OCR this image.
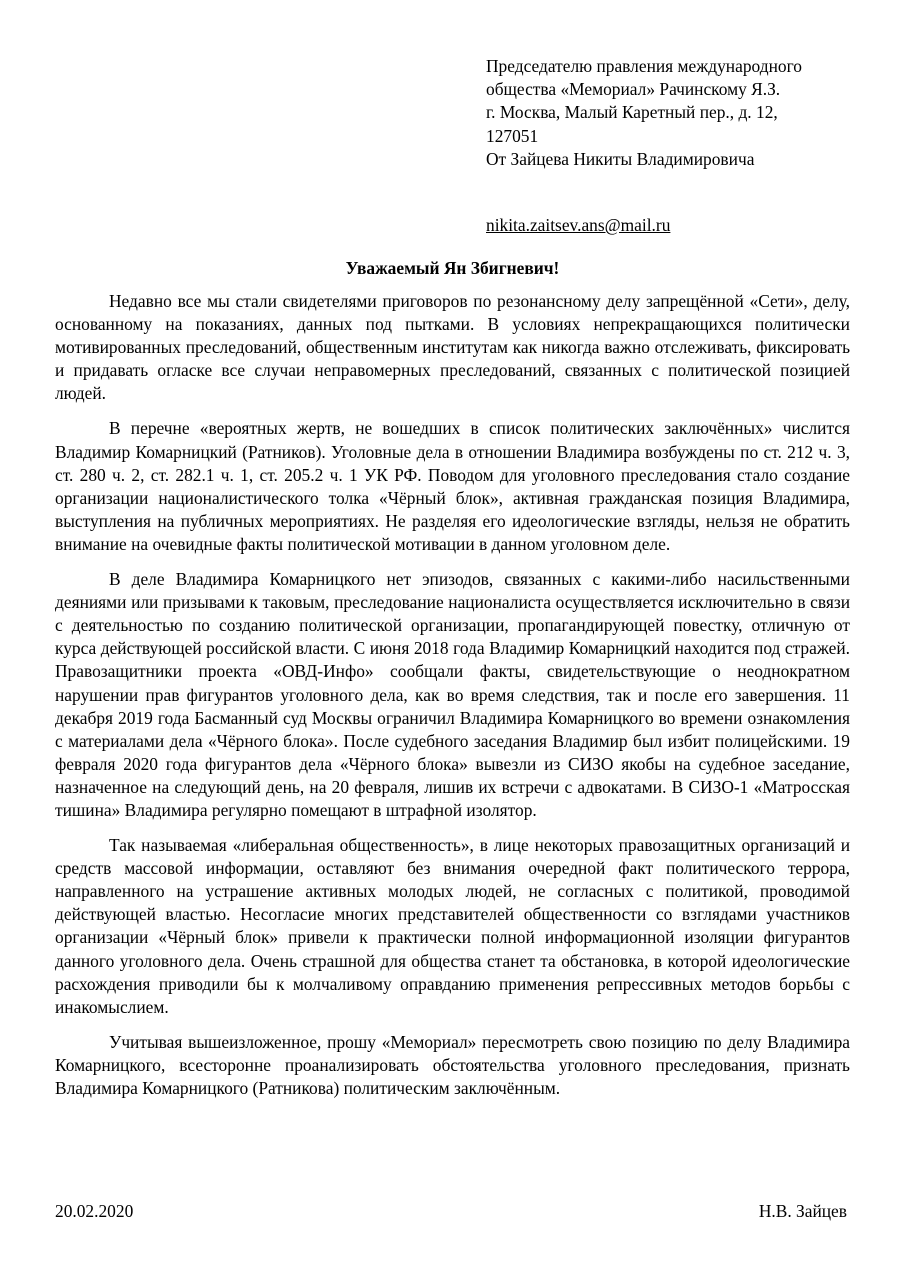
Председателю правления международного
общества «Мемориал» Рачинскому Я.З.
г. Москва, Малый Каретный пер., д. 12,
127051
От Зайцева Никиты Владимировича
nikita.zaitsev.ans@mail.ru
Уважаемый Ян Збигневич!

Недавно все мы стали свидетелями приговоров по резонансному делу запрещённой «Сети», делу, основанному на показаниях, данных под пытками. В условиях непрекращающихся политически мотивированных преследований, общественным институтам как никогда важно отслеживать, фиксировать и придавать огласке все случаи неправомерных преследований, связанных с политической позицией людей.

В перечне «вероятных жертв, не вошедших в список политических заключённых» числится Владимир Комарницкий (Ратников). Уголовные дела в отношении Владимира возбуждены по ст. 212 ч. 3, ст. 280 ч. 2, ст. 282.1 ч. 1, ст. 205.2 ч. 1 УК РФ. Поводом для уголовного преследования стало создание организации националистического толка «Чёрный блок», активная гражданская позиция Владимира, выступления на публичных мероприятиях. Не разделяя его идеологические взгляды, нельзя не обратить внимание на очевидные факты политической мотивации в данном уголовном деле.

В деле Владимира Комарницкого нет эпизодов, связанных с какими-либо насильственными деяниями или призывами к таковым, преследование националиста осуществляется исключительно в связи с деятельностью по созданию политической организации, пропагандирующей повестку, отличную от курса действующей российской власти. С июня 2018 года Владимир Комарницкий находится под стражей. Правозащитники проекта «ОВД-Инфо» сообщали факты, свидетельствующие о неоднократном нарушении прав фигурантов уголовного дела, как во время следствия, так и после его завершения. 11 декабря 2019 года Басманный суд Москвы ограничил Владимира Комарницкого во времени ознакомления с материалами дела «Чёрного блока». После судебного заседания Владимир был избит полицейскими. 19 февраля 2020 года фигурантов дела «Чёрного блока» вывезли из СИЗО якобы на судебное заседание, назначенное на следующий день, на 20 февраля, лишив их встречи с адвокатами. В СИЗО-1 «Матросская тишина» Владимира регулярно помещают в штрафной изолятор.

Так называемая «либеральная общественность», в лице некоторых правозащитных организаций и средств массовой информации, оставляют без внимания очередной факт политического террора, направленного на устрашение активных молодых людей, не согласных с политикой, проводимой действующей властью. Несогласие многих представителей общественности со взглядами участников организации «Чёрный блок» привели к практически полной информационной изоляции фигурантов данного уголовного дела. Очень страшной для общества станет та обстановка, в которой идеологические расхождения приводили бы к молчаливому оправданию применения репрессивных методов борьбы с инакомыслием.

Учитывая вышеизложенное, прошу «Мемориал» пересмотреть свою позицию по делу Владимира Комарницкого, всесторонне проанализировать обстоятельства уголовного преследования, признать Владимира Комарницкого (Ратникова) политическим заключённым.

20.02.2020	Н.В. Зайцев
